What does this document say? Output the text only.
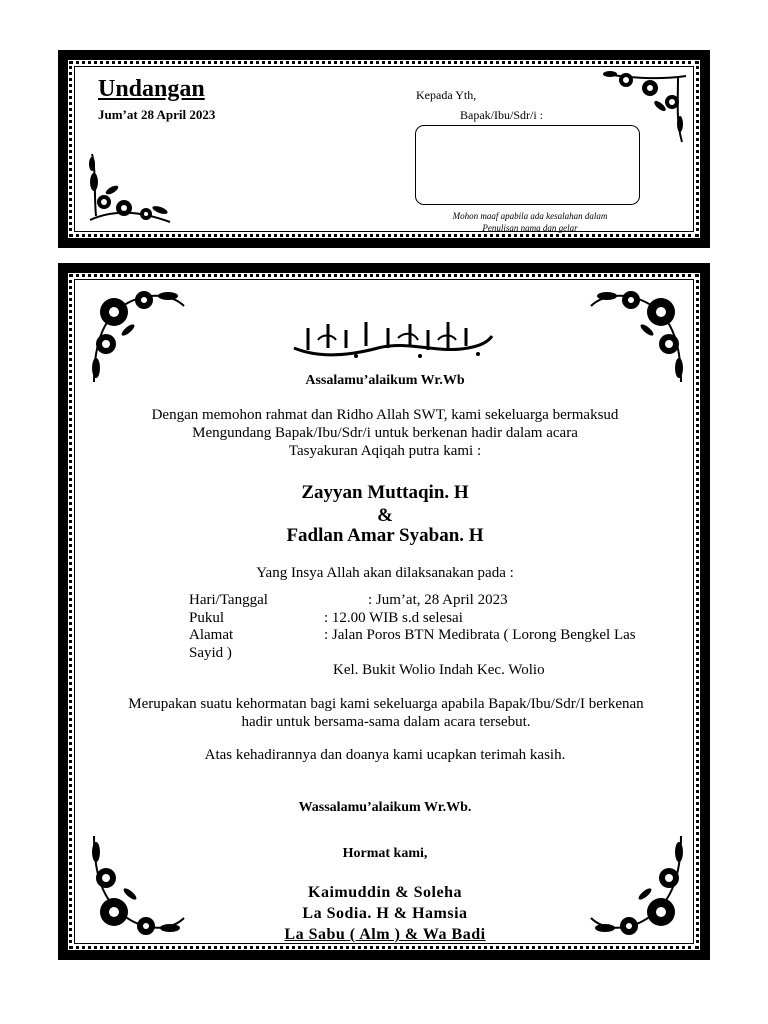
Undangan
Jum’at 28 April 2023
Kepada Yth,
Bapak/Ibu/Sdr/i :
Mohon maaf apabila ada kesalahan dalam
Penulisan nama dan gelar
Assalamu’alaikum Wr.Wb
Dengan memohon rahmat dan Ridho Allah SWT, kami sekeluarga bermaksud
Mengundang Bapak/Ibu/Sdr/i untuk berkenan hadir dalam acara
Tasyakuran Aqiqah putra kami :
Zayyan Muttaqin. H
&
Fadlan Amar Syaban. H
Yang Insya Allah akan dilaksanakan pada :
Hari/Tanggal	: Jum’at, 28 April 2023
Pukul	: 12.00 WIB s.d selesai
Alamat	: Jalan Poros BTN Medibrata ( Lorong Bengkel Las
Sayid )
Kel. Bukit Wolio Indah Kec. Wolio
Merupakan suatu kehormatan bagi kami sekeluarga apabila Bapak/Ibu/Sdr/I berkenan
hadir untuk bersama-sama dalam acara tersebut.
Atas kehadirannya dan doanya kami ucapkan terimah kasih.
Wassalamu’alaikum Wr.Wb.
Hormat kami,
Kaimuddin & Soleha
La Sodia. H & Hamsia
La Sabu ( Alm ) & Wa Badi
